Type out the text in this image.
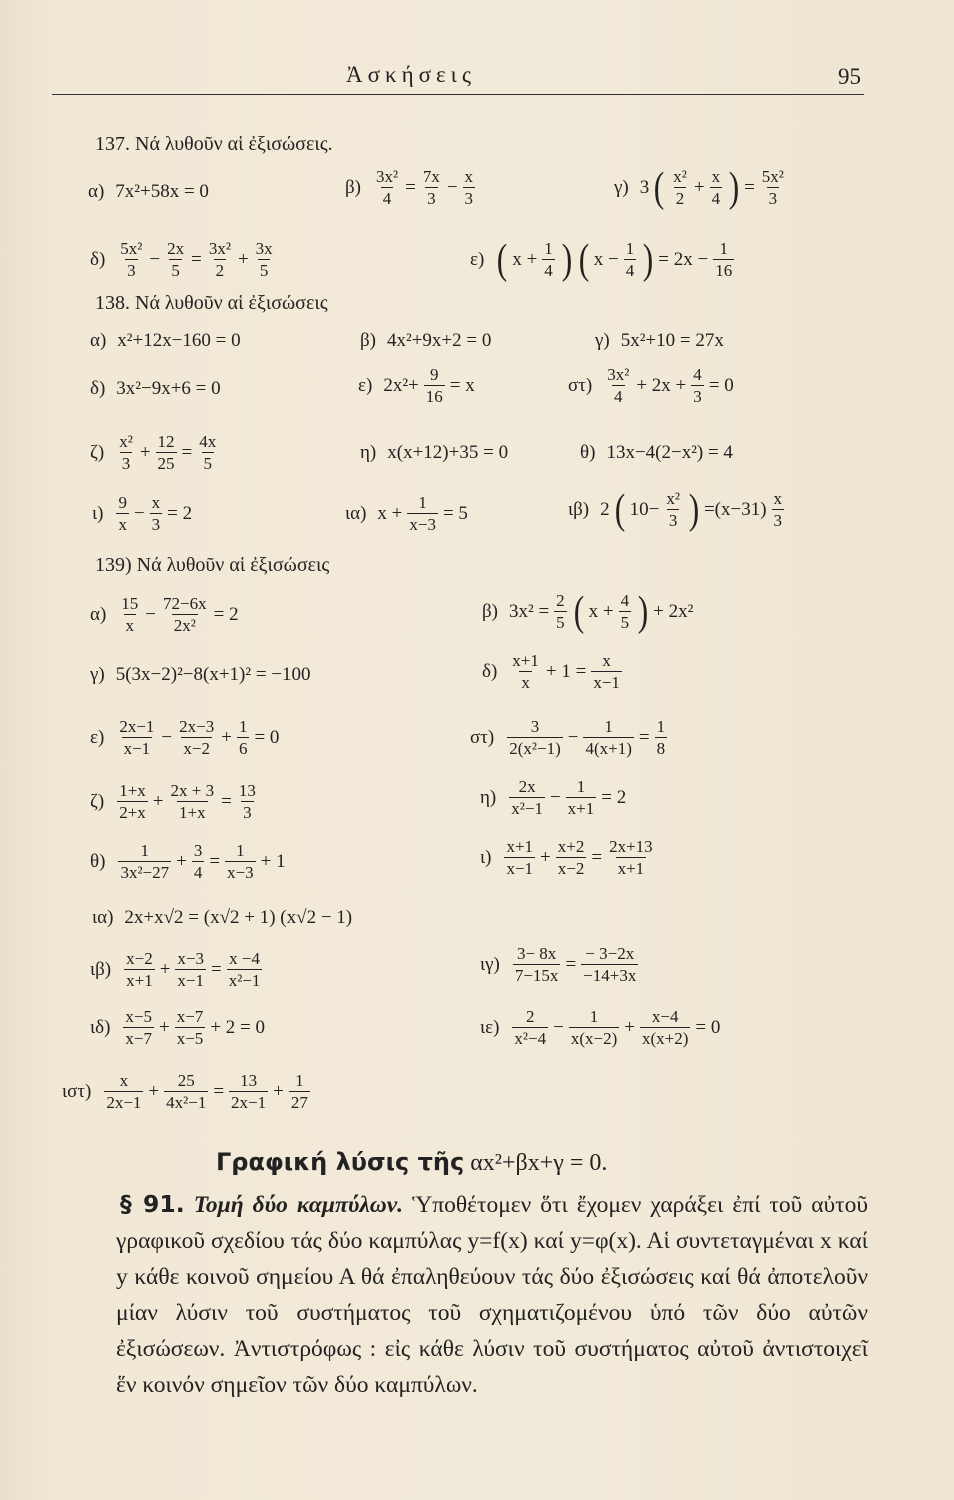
Ἀσκήσεις	95
137. Νά λυθοῦν αἱ ἐξισώσεις.
α) 7x²+58x = 0	$\beta) \frac{\text{3x²}}{4} = \frac{7x}{3} - \frac{x}{3}$	γ) 3 ( $\frac{\text{x²}}{2} + \frac{x}{4}$ ) = $\frac{\text{5x²}}{3}$
$\delta) \frac{\text{5x²}}{3} - \frac{2x}{5} = \frac{\text{3x²}}{2} + \frac{3x}{5}$	ε) ( $x + \frac{1}{4}$ ) ( $x - \frac{1}{4}$ ) = $2x - \frac{1}{16}$
138. Νά λυθοῦν αἱ ἐξισώσεις
α) x²+12x−160 = 0	β) 4x²+9x+2 = 0	γ) 5x²+10 = 27x
δ) 3x²−9x+6 = 0	ε) $2x^2+ \frac{9}{16} = x$	$\sigma\tau) \frac{\text{3x²}}{4} + 2x + \frac{4}{3} = 0$
$\zeta) \frac{\text{x²}}{3} + \frac{12}{25} = \frac{4x}{5}$	η) x(x+12)+35 = 0	θ) 13x−4(2−x²) = 4
$\iota) \frac{9}{x} - \frac{x}{3} = 2$	ια) $x + \frac{1}{x-3} = 5$	ιβ) 2 ( $10- \frac{\text{x²}}{3}$ ) $=(x-31) \frac{x}{3}$
139) Νά λυθοῦν αἱ ἐξισώσεις
$\alpha) \frac{15}{x} - \frac{72-6x}{\text{2x²}} = 2$	β) $3x^2 = \frac{2}{5}$ ( $x + \frac{4}{5}$ ) + 2x²
γ) 5(3x−2)²−8(x+1)² = −100	$\delta) \frac{x+1}{x} + 1 = \frac{x}{x-1}$
$\varepsilon) \frac{2x-1}{x-1} - \frac{2x-3}{x-2} + \frac{1}{6} = 0$	$\sigma\tau) \frac{3}{\text{2(x²−1)}} - \frac{1}{4(x+1)} = \frac{1}{8}$
$\zeta) \frac{1+x}{2+x} + \frac{2x + 3}{1+x} = \frac{13}{3}$	$\eta) \frac{2x}{\text{x²−1}} - \frac{1}{x+1} = 2$
$\theta) \frac{1}{\text{3x²−27}} + \frac{3}{4} = \frac{1}{x-3} + 1$	$\iota) \frac{x+1}{x-1} + \frac{x+2}{x-2} = \frac{2x+13}{x+1}$
ια) 2x+x√2 = (x√2 + 1) (x√2 − 1)
$\iota\beta) \frac{x-2}{x+1} + \frac{x-3}{x-1} = \frac{x -4}{\text{x²−1}}$	$\iota\gamma) \frac{3- 8x}{7-15x} = \frac{- 3-2x}{-14+3x}$
$\iota\delta) \frac{x-5}{x-7} + \frac{x-7}{x-5} + 2 = 0$	$\iota\varepsilon) \frac{2}{\text{x²−4}} - \frac{1}{x(x-2)} + \frac{x-4}{x(x+2)} = 0$
$\iota\sigma\tau) \frac{x}{2x-1} + \frac{25}{\text{4x²−1}} = \frac{13}{2x-1} + \frac{1}{27}$
Γραφική λύσις τῆς αx²+βx+γ = 0.
§ 91. Τομή δύο καμπύλων. Ὑποθέτομεν ὅτι ἔχομεν χαράξει ἐπί τοῦ αὐτοῦ γραφικοῦ σχεδίου τάς δύο καμπύλας y=f(x) καί y=φ(x). Αἱ συντεταγμέναι x καί y κάθε κοινοῦ σημείου Α θά ἐπαληθεύουν τάς δύο ἐξισώσεις καί θά ἀποτελοῦν μίαν λύσιν τοῦ συστήματος τοῦ σχηματιζομένου ὑπό τῶν δύο αὐτῶν ἐξισώσεων. Ἀντιστρόφως : εἰς κάθε λύσιν τοῦ συστήματος αὐτοῦ ἀντιστοιχεῖ ἕν κοινόν σημεῖον τῶν δύο καμπύλων.
